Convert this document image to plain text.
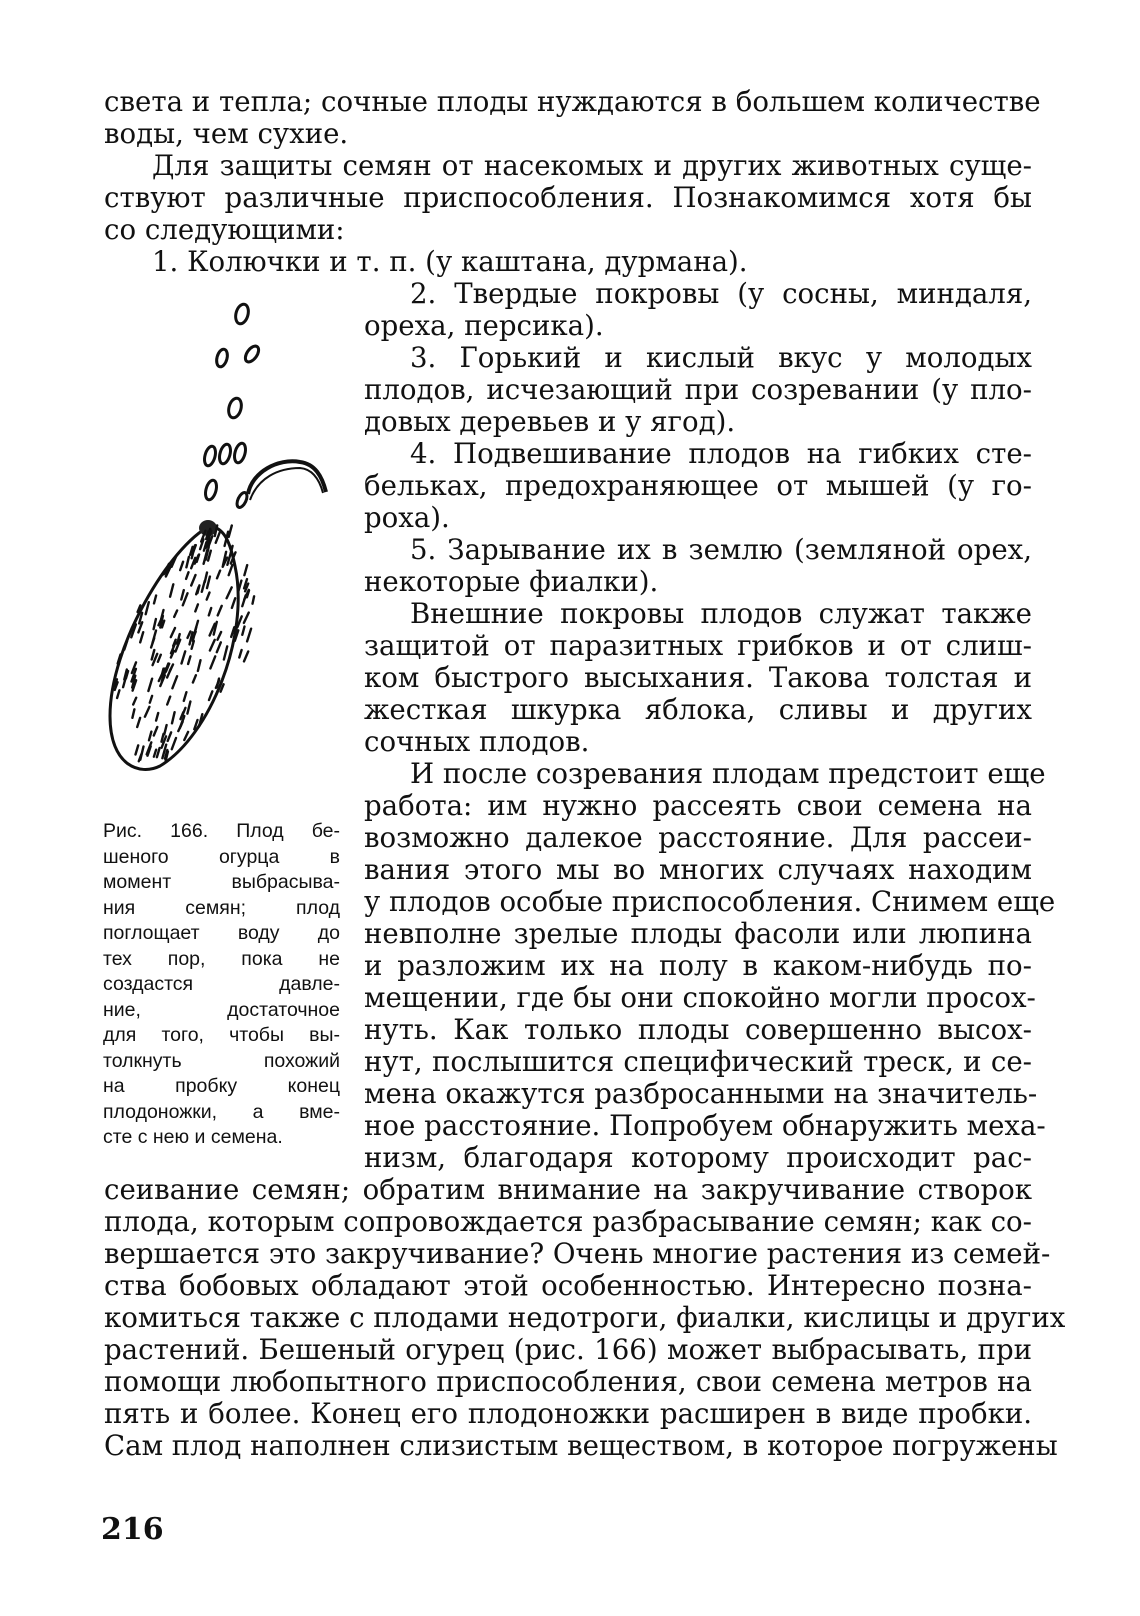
света и тепла; сочные плоды нуждаются в большем количестве
воды, чем сухие.
Для защиты семян от насекомых и других животных суще-
ствуют различные приспособления. Познакомимся хотя бы
со следующими:
1. Колючки и т. п. (у каштана, дурмана).
2. Твердые покровы (у сосны, миндаля,
ореха, персика).
3. Горький и кислый вкус у молодых
плодов, исчезающий при созревании (у пло-
довых деревьев и у ягод).
4. Подвешивание плодов на гибких сте-
бельках, предохраняющее от мышей (у го-
роха).
5. Зарывание их в землю (земляной орех,
некоторые фиалки).
Внешние покровы плодов служат также
защитой от паразитных грибков и от слиш-
ком быстрого высыхания. Такова толстая и
жесткая шкурка яблока, сливы и других
сочных плодов.
И после созревания плодам предстоит еще
работа: им нужно рассеять свои семена на
возможно далекое расстояние. Для рассеи-
вания этого мы во многих случаях находим
у плодов особые приспособления. Снимем еще
невполне зрелые плоды фасоли или люпина
и разложим их на полу в каком-нибудь по-
мещении, где бы они спокойно могли просох-
нуть. Как только плоды совершенно высох-
нут, послышится специфический треск, и се-
мена окажутся разбросанными на значитель-
ное расстояние. Попробуем обнаружить меха-
низм, благодаря которому происходит рас-
сеивание семян; обратим внимание на закручивание створок
плода, которым сопровождается разбрасывание семян; как со-
вершается это закручивание? Очень многие растения из семей-
ства бобовых обладают этой особенностью. Интересно позна-
комиться также с плодами недотроги, фиалки, кислицы и других
растений. Бешеный огурец (рис. 166) может выбрасывать, при
помощи любопытного приспособления, свои семена метров на
пять и более. Конец его плодоножки расширен в виде пробки.
Сам плод наполнен слизистым веществом, в которое погружены
Рис. 166. Плод бе-
шеного огурца в
момент выбрасыва-
ния семян; плод
поглощает воду до
тех пор, пока не
создастся давле-
ние, достаточное
для того, чтобы вы-
толкнуть похожий
на пробку конец
плодоножки, а вме-
сте с нею и семена.
216
